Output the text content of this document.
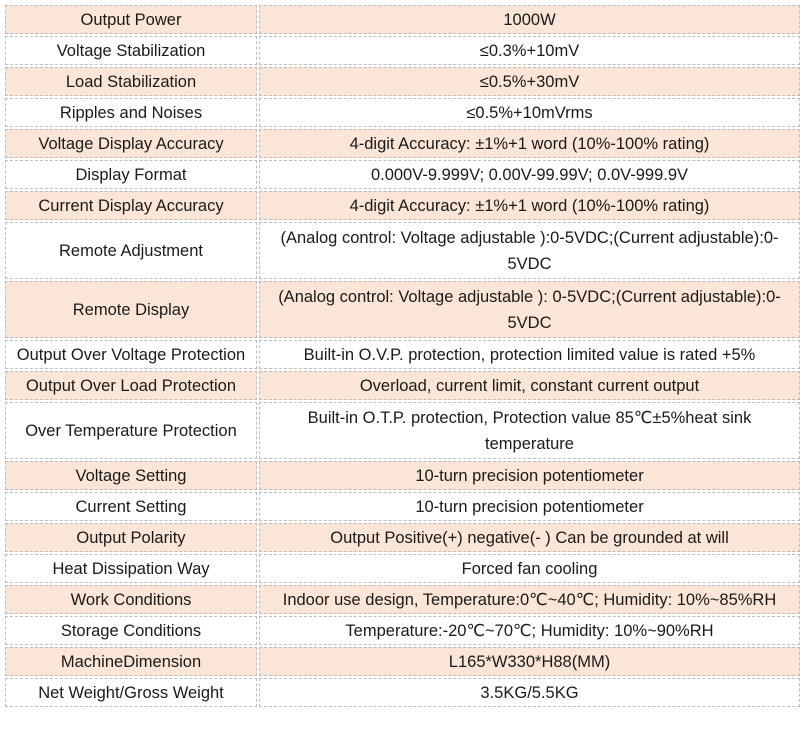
Output Power	1000W
Voltage Stabilization	≤0.3%+10mV
Load Stabilization	≤0.5%+30mV
Ripples and Noises	≤0.5%+10mVrms
Voltage Display Accuracy	4-digit Accuracy: ±1%+1 word (10%-100% rating)
Display Format	0.000V-9.999V; 0.00V-99.99V; 0.0V-999.9V
Current Display Accuracy	4-digit Accuracy: ±1%+1 word (10%-100% rating)
Remote Adjustment	(Analog control: Voltage adjustable ):0-5VDC;(Current adjustable):0-5VDC
Remote Display	(Analog control: Voltage adjustable ): 0-5VDC;(Current adjustable):0-5VDC
Output Over Voltage Protection	Built-in O.V.P. protection, protection limited value is rated +5%
Output Over Load Protection	Overload, current limit, constant current output
Over Temperature Protection	Built-in O.T.P. protection, Protection value 85℃±5%heat sink temperature
Voltage Setting	10-turn precision potentiometer
Current Setting	10-turn precision potentiometer
Output Polarity	Output Positive(+) negative(- ) Can be grounded at will
Heat Dissipation Way	Forced fan cooling
Work Conditions	Indoor use design, Temperature:0℃~40℃; Humidity: 10%~85%RH
Storage Conditions	Temperature:-20℃~70℃; Humidity: 10%~90%RH
MachineDimension	L165*W330*H88(MM)
Net Weight/Gross Weight	3.5KG/5.5KG
